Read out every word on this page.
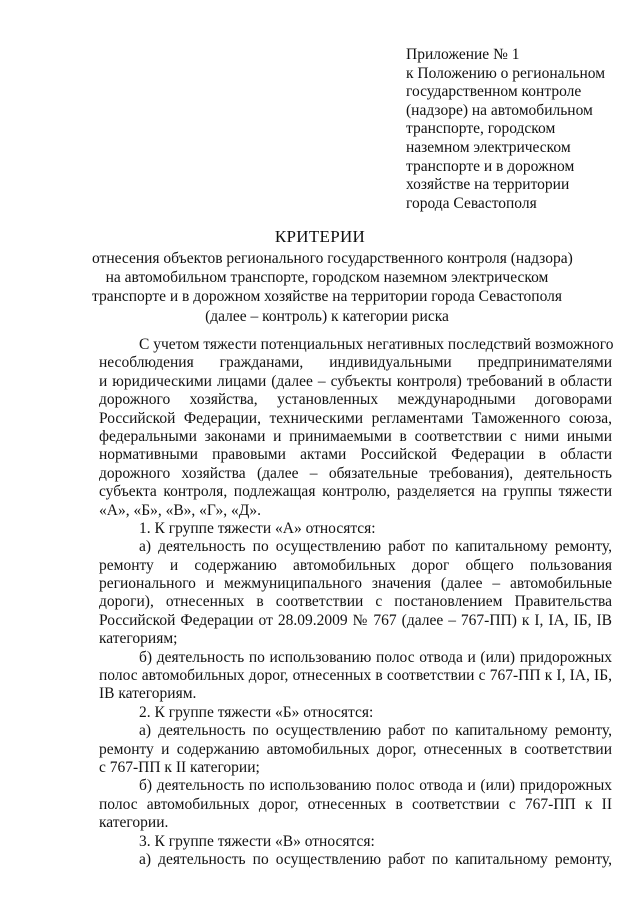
Приложение № 1
к Положению о региональном
государственном контроле
(надзоре) на автомобильном
транспорте, городском
наземном электрическом
транспорте и в дорожном
хозяйстве на территории
города Севастополя
КРИТЕРИИ
отнесения объектов регионального государственного контроля (надзора)
на автомобильном транспорте, городском наземном электрическом
транспорте и в дорожном хозяйстве на территории города Севастополя
(далее – контроль) к категории риска
С учетом тяжести потенциальных негативных последствий возможного
несоблюдения гражданами, индивидуальными предпринимателями
и юридическими лицами (далее – субъекты контроля) требований в области
дорожного хозяйства, установленных международными договорами
Российской Федерации, техническими регламентами Таможенного союза,
федеральными законами и принимаемыми в соответствии с ними иными
нормативными правовыми актами Российской Федерации в области
дорожного хозяйства (далее – обязательные требования), деятельность
субъекта контроля, подлежащая контролю, разделяется на группы тяжести
«А», «Б», «В», «Г», «Д».
1. К группе тяжести «А» относятся:
а) деятельность по осуществлению работ по капитальному ремонту,
ремонту и содержанию автомобильных дорог общего пользования
регионального и межмуниципального значения (далее – автомобильные
дороги), отнесенных в соответствии с постановлением Правительства
Российской Федерации от 28.09.2009 № 767 (далее – 767-ПП) к I, IA, IБ, IВ
категориям;
б) деятельность по использованию полос отвода и (или) придорожных
полос автомобильных дорог, отнесенных в соответствии с 767-ПП к I, IA, IБ,
IВ категориям.
2. К группе тяжести «Б» относятся:
а) деятельность по осуществлению работ по капитальному ремонту,
ремонту и содержанию автомобильных дорог, отнесенных в соответствии
с 767-ПП к II категории;
б) деятельность по использованию полос отвода и (или) придорожных
полос автомобильных дорог, отнесенных в соответствии с 767-ПП к II
категории.
3. К группе тяжести «В» относятся:
а) деятельность по осуществлению работ по капитальному ремонту,
